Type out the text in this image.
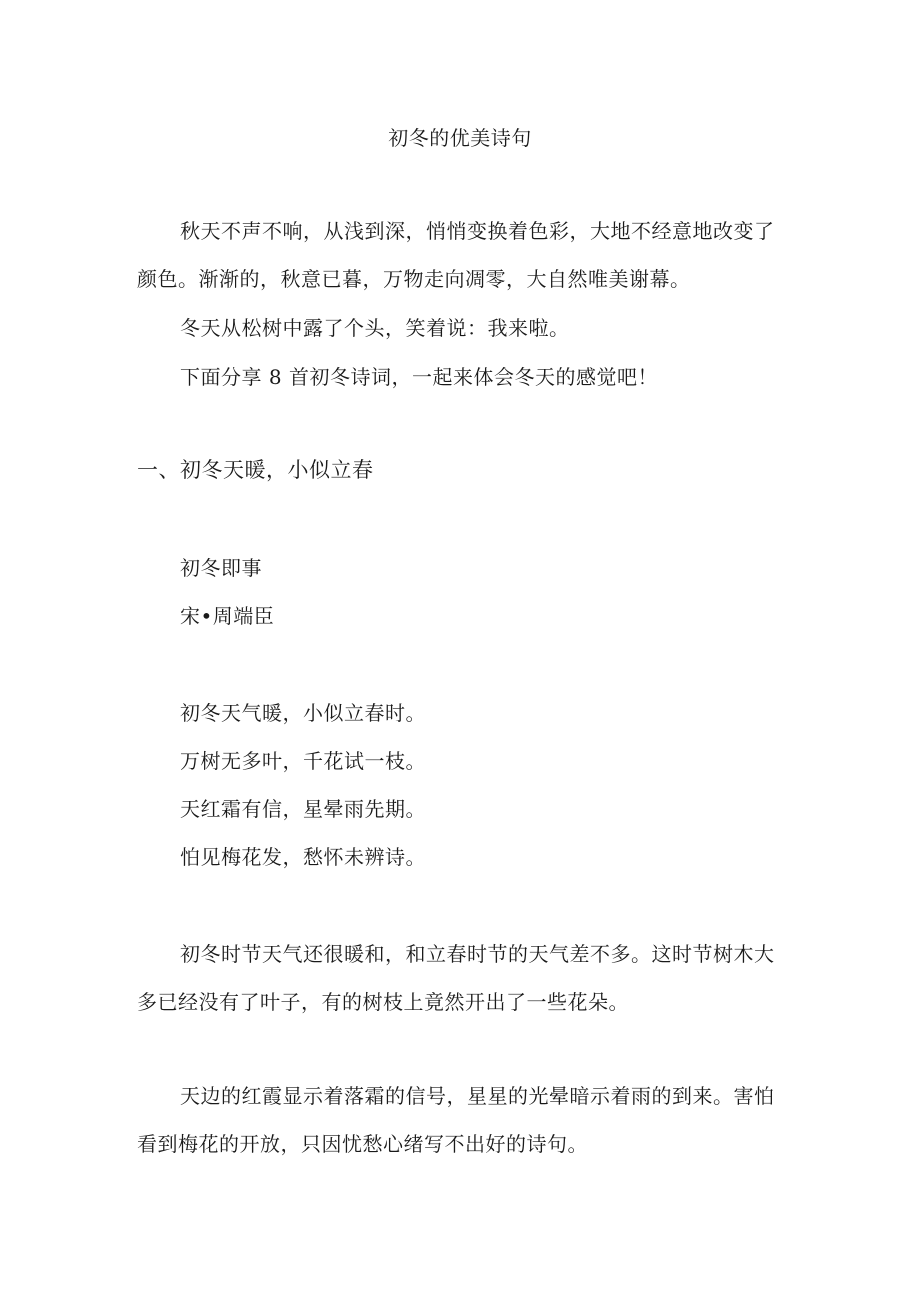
初冬的优美诗句
秋天不声不响，从浅到深，悄悄变换着色彩，大地不经意地改变了
颜色。渐渐的，秋意已暮，万物走向凋零，大自然唯美谢幕。
冬天从松树中露了个头，笑着说：我来啦。
下面分享 8 首初冬诗词，一起来体会冬天的感觉吧！
一、初冬天暖，小似立春
初冬即事
宋•周端臣
初冬天气暖，小似立春时。
万树无多叶，千花试一枝。
天红霜有信，星晕雨先期。
怕见梅花发，愁怀未辨诗。
初冬时节天气还很暖和，和立春时节的天气差不多。这时节树木大
多已经没有了叶子，有的树枝上竟然开出了一些花朵。
天边的红霞显示着落霜的信号，星星的光晕暗示着雨的到来。害怕
看到梅花的开放，只因忧愁心绪写不出好的诗句。
